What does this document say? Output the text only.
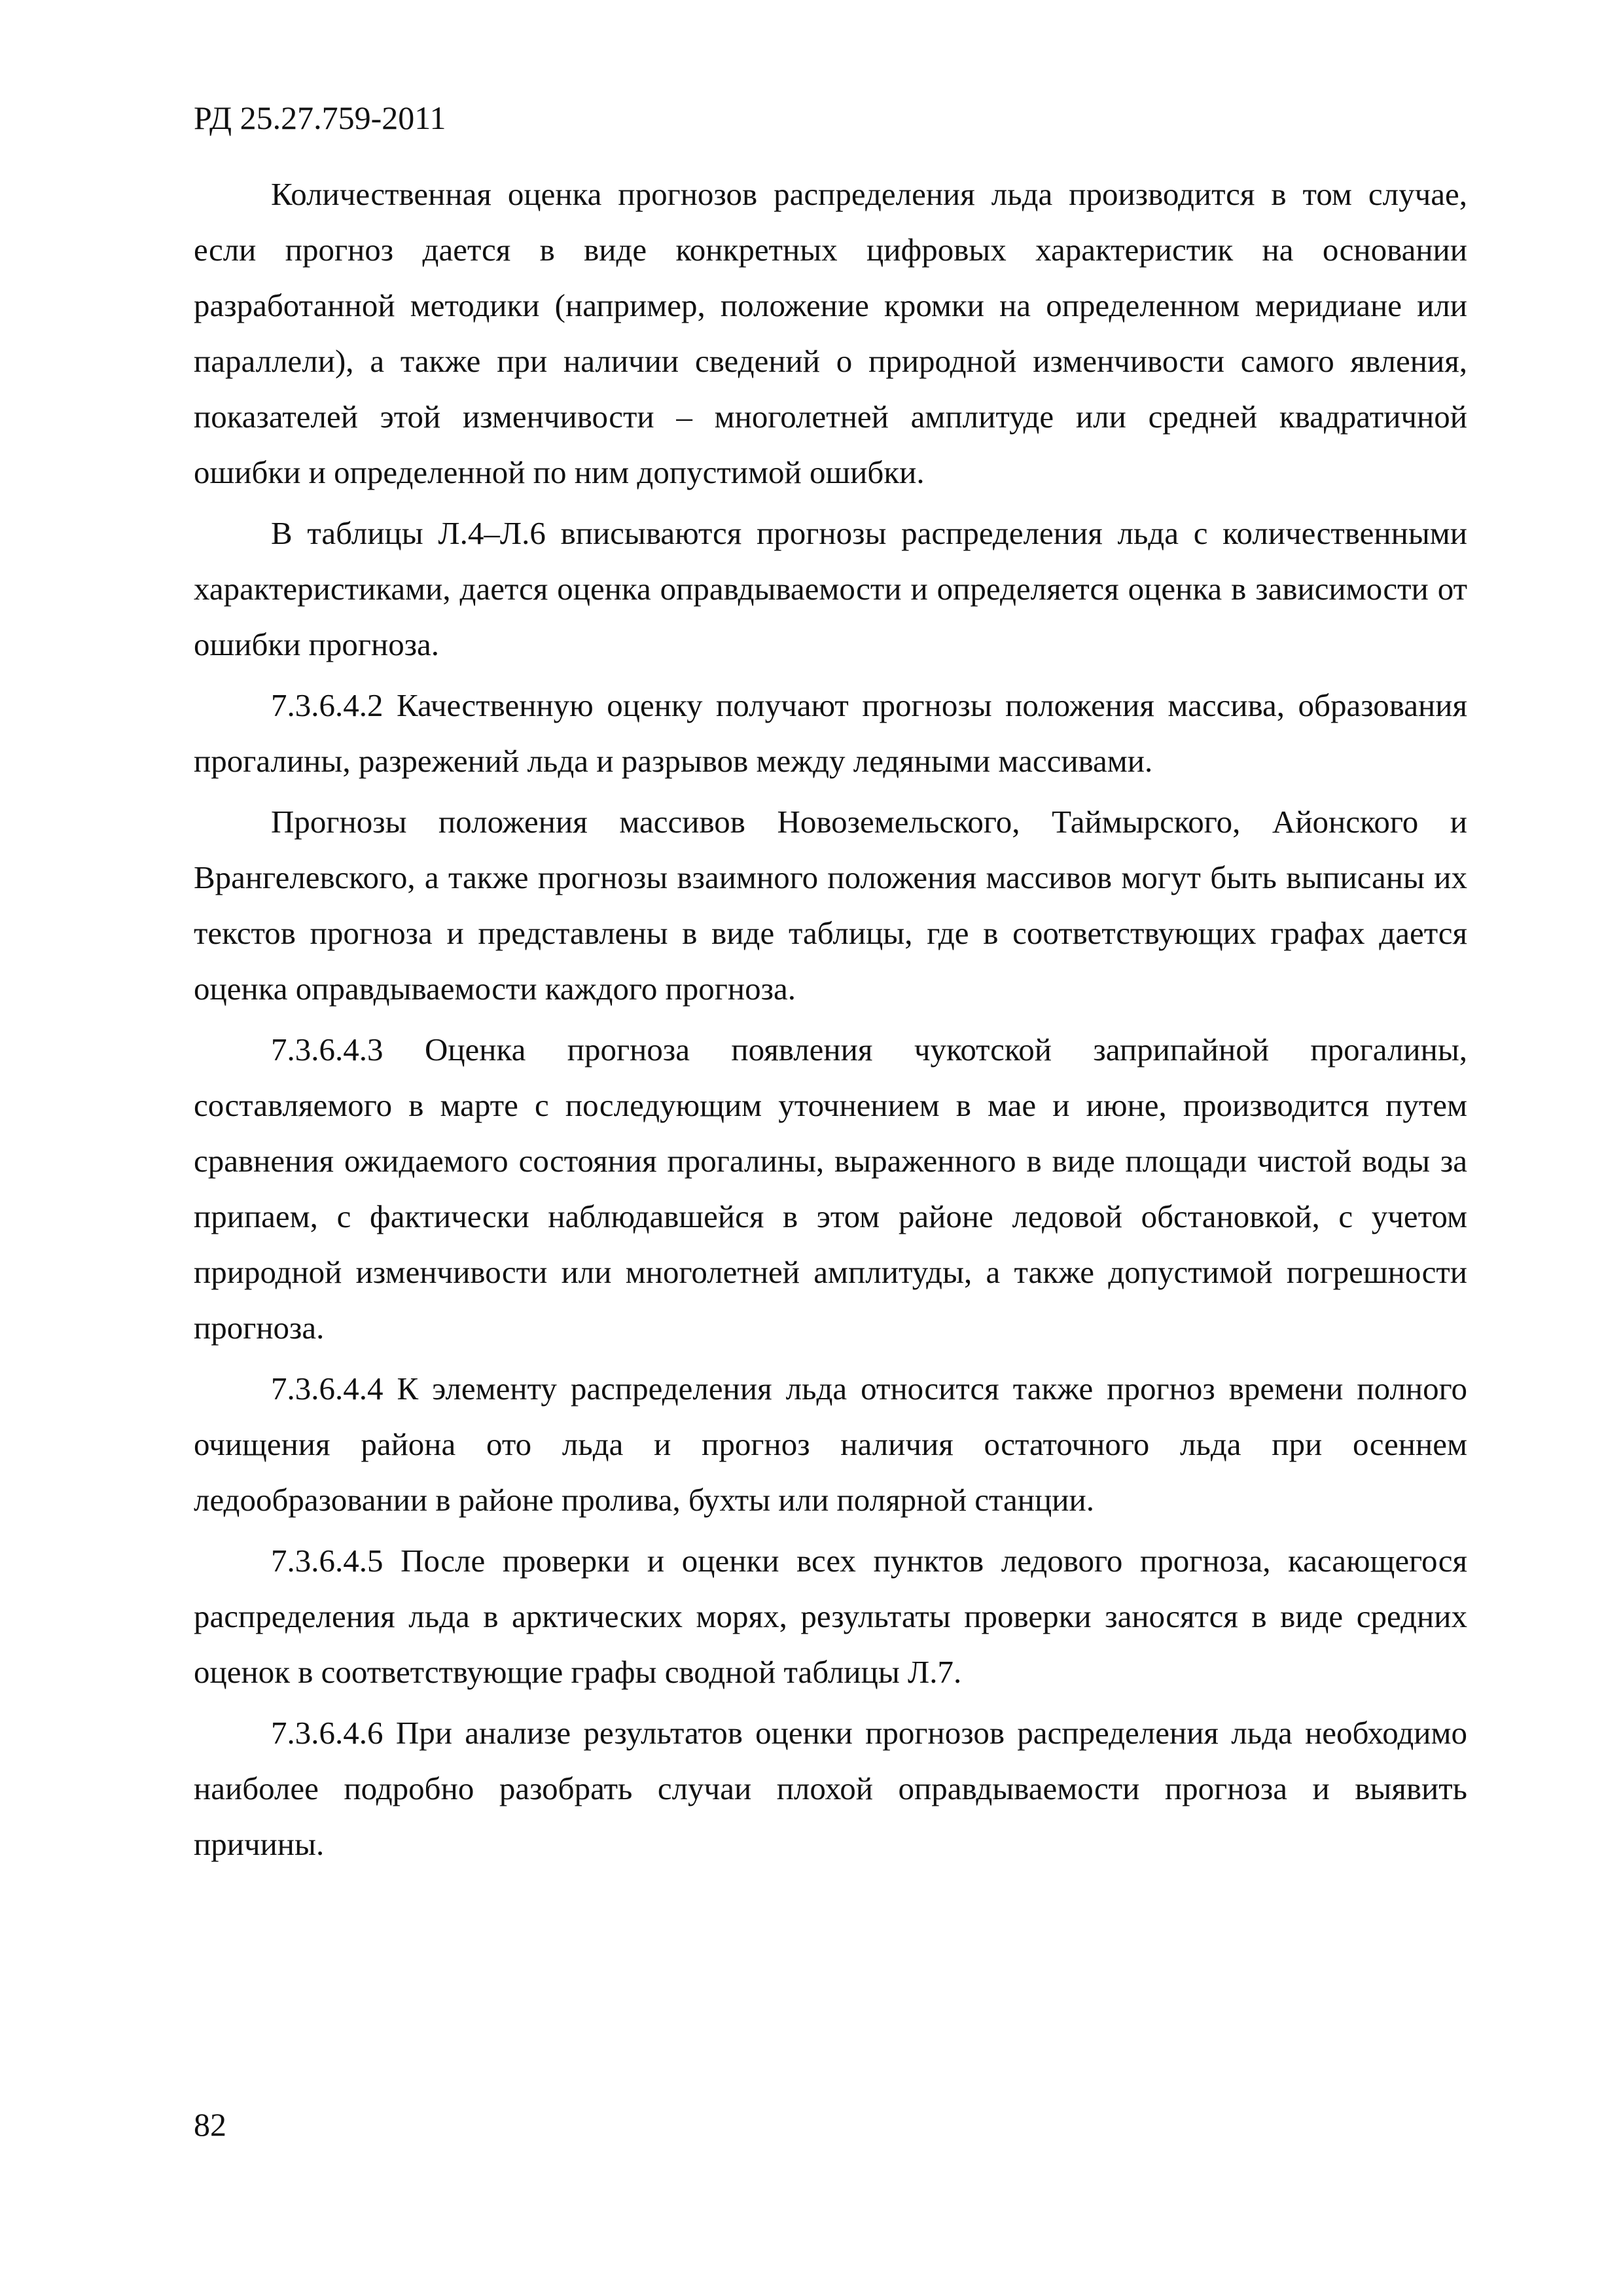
РД 25.27.759-2011

Количественная оценка прогнозов распределения льда производится в том случае, если прогноз дается в виде конкретных цифровых характеристик на основании разработанной методики (например, положение кромки на определенном меридиане или параллели), а также при наличии сведений о природной изменчивости самого явления, показателей этой изменчивости – многолетней амплитуде или средней квадратичной ошибки и определенной по ним допустимой ошибки.

В таблицы Л.4–Л.6 вписываются прогнозы распределения льда с количественными характеристиками, дается оценка оправдываемости и определяется оценка в зависимости от ошибки прогноза.

7.3.6.4.2 Качественную оценку получают прогнозы положения массива, образования прогалины, разрежений льда и разрывов между ледяными массивами.

Прогнозы положения массивов Новоземельского, Таймырского, Айонского и Врангелевского, а также прогнозы взаимного положения массивов могут быть выписаны их текстов прогноза и представлены в виде таблицы, где в соответствующих графах дается оценка оправдываемости каждого прогноза.

7.3.6.4.3 Оценка прогноза появления чукотской заприпайной прогалины, составляемого в марте с последующим уточнением в мае и июне, производится путем сравнения ожидаемого состояния прогалины, выраженного в виде площади чистой воды за припаем, с фактически наблюдавшейся в этом районе ледовой обстановкой, с учетом природной изменчивости или многолетней амплитуды, а также допустимой погрешности прогноза.

7.3.6.4.4 К элементу распределения льда относится также прогноз времени полного очищения района ото льда и прогноз наличия остаточного льда при осеннем ледообразовании в районе пролива, бухты или полярной станции.

7.3.6.4.5 После проверки и оценки всех пунктов ледового прогноза, касающегося распределения льда в арктических морях, результаты проверки заносятся в виде средних оценок в соответствующие графы сводной таблицы Л.7.

7.3.6.4.6 При анализе результатов оценки прогнозов распределения льда необходимо наиболее подробно разобрать случаи плохой оправдываемости прогноза и выявить причины.

82
